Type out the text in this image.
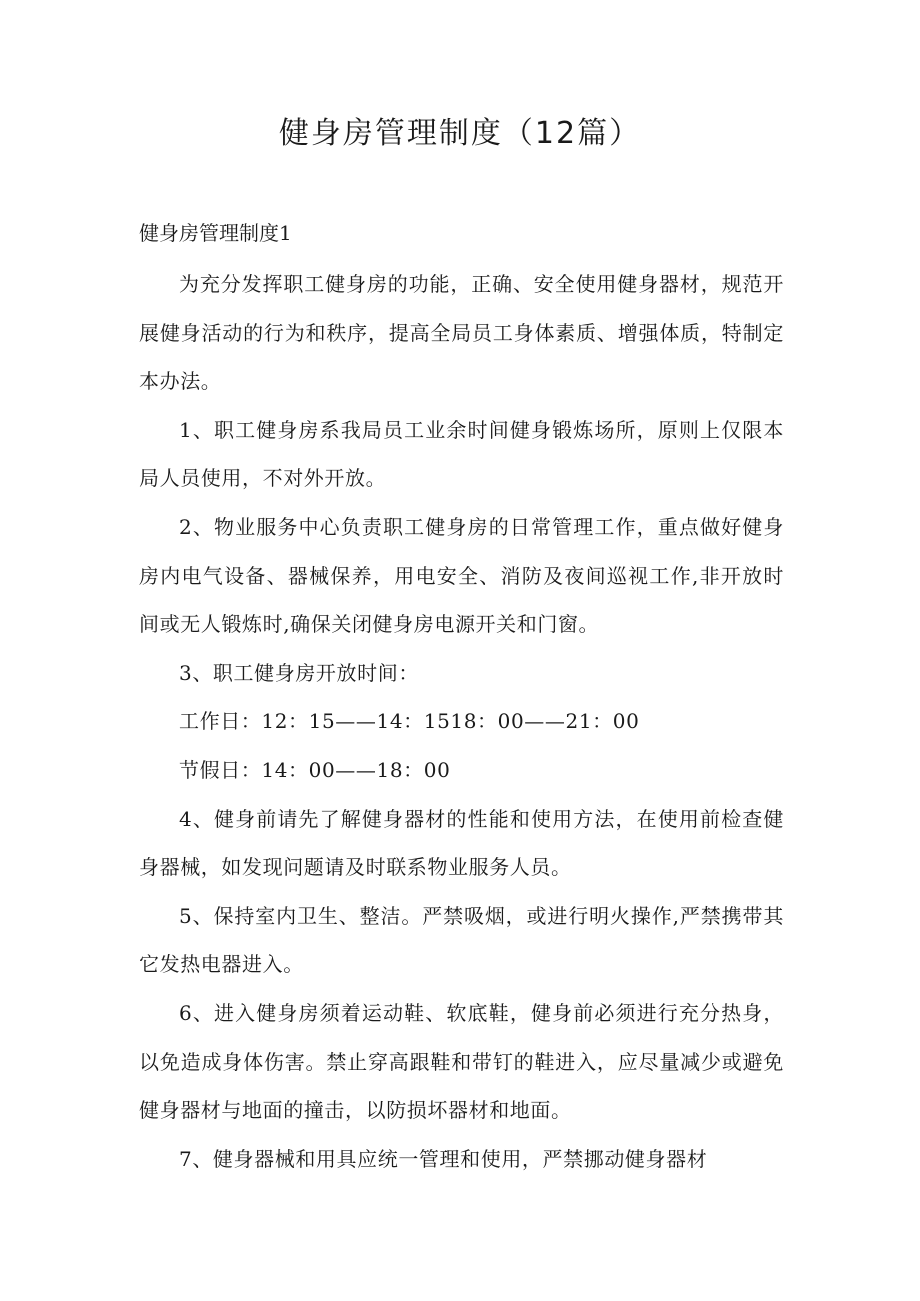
健身房管理制度（12篇）

健身房管理制度1

为充分发挥职工健身房的功能，正确、安全使用健身器材，规范开展健身活动的行为和秩序，提高全局员工身体素质、增强体质，特制定本办法。

1、职工健身房系我局员工业余时间健身锻炼场所，原则上仅限本局人员使用，不对外开放。

2、物业服务中心负责职工健身房的日常管理工作，重点做好健身房内电气设备、器械保养，用电安全、消防及夜间巡视工作,非开放时间或无人锻炼时,确保关闭健身房电源开关和门窗。

3、职工健身房开放时间：

工作日：12：15——14：1518：00——21：00

节假日：14：00——18：00

4、健身前请先了解健身器材的性能和使用方法，在使用前检查健身器械，如发现问题请及时联系物业服务人员。

5、保持室内卫生、整洁。严禁吸烟，或进行明火操作,严禁携带其它发热电器进入。

6、进入健身房须着运动鞋、软底鞋，健身前必须进行充分热身，以免造成身体伤害。禁止穿高跟鞋和带钉的鞋进入，应尽量减少或避免健身器材与地面的撞击，以防损坏器材和地面。

7、健身器械和用具应统一管理和使用，严禁挪动健身器材
